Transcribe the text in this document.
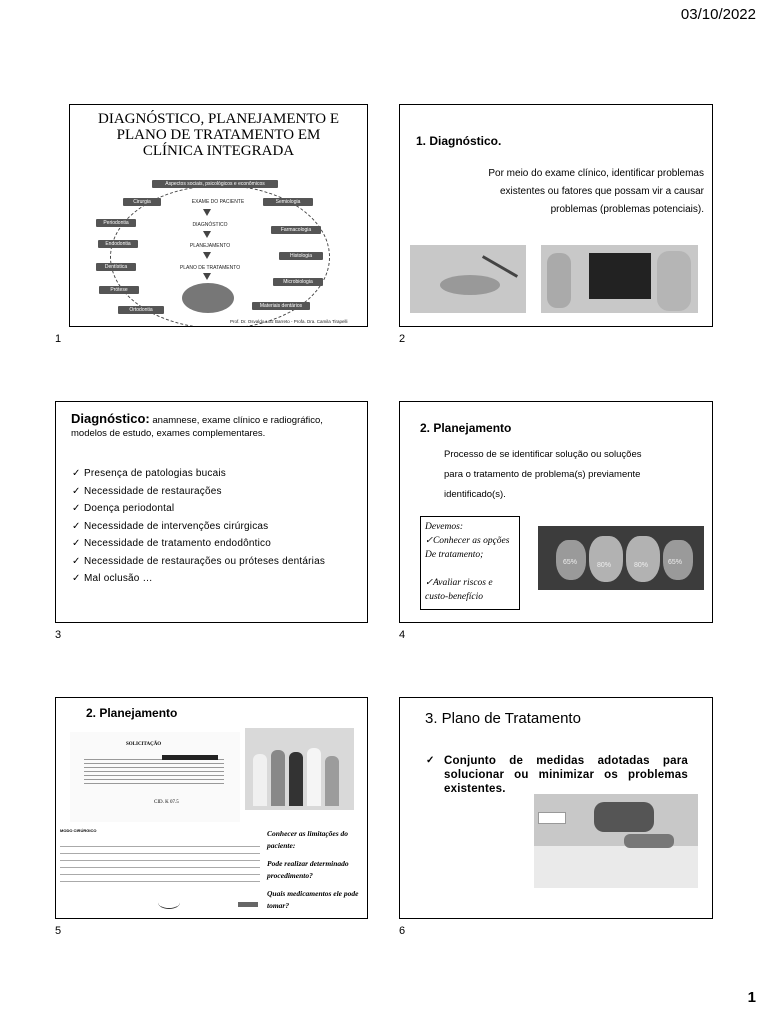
03/10/2022
DIAGNÓSTICO, PLANEJAMENTO E PLANO DE TRATAMENTO EM CLÍNICA INTEGRADA
Aspectos sociais, psicológicos e econômicos
Cirurgia
Periodontia
Endodontia
Dentística
Prótese
Ortodontia
Semiologia
Farmacologia
Histologia
Microbiologia
Materiais dentários
EXAME DO PACIENTE
DIAGNÓSTICO
PLANEJAMENTO
PLANO DE TRATAMENTO
Prof. Dr. Osvaldo Luiz Barreto - Profa. Dra. Camila Tirapelli
1
1. Diagnóstico.
Por meio do exame clínico, identificar problemas existentes ou fatores que possam vir a causar problemas (problemas potenciais).
2
Diagnóstico: anamnese, exame clínico e radiográfico, modelos de estudo, exames complementares.
✓ Presença de patologias bucais
✓ Necessidade de restaurações
✓ Doença periodontal
✓ Necessidade de intervenções cirúrgicas
✓ Necessidade de tratamento endodôntico
✓ Necessidade de restaurações ou próteses dentárias
✓ Mal oclusão …
3
2. Planejamento
Processo de se identificar solução ou soluções
para o tratamento de problema(s) previamente
identificado(s).
Devemos:
✓Conhecer as opções
De tratamento;
✓Avaliar riscos e
custo-benefício
65%	80%	80%	65%
4
2. Planejamento
SOLICITAÇÃO
CID. K 07.5
MODO CIRÚRGICO	Conhecer as limitações do paciente:
Pode realizar determinado procedimento?
Quais medicamentos ele pode tomar?
5
3. Plano de Tratamento
✓ Conjunto de medidas adotadas para solucionar ou minimizar os problemas existentes.
6
1
